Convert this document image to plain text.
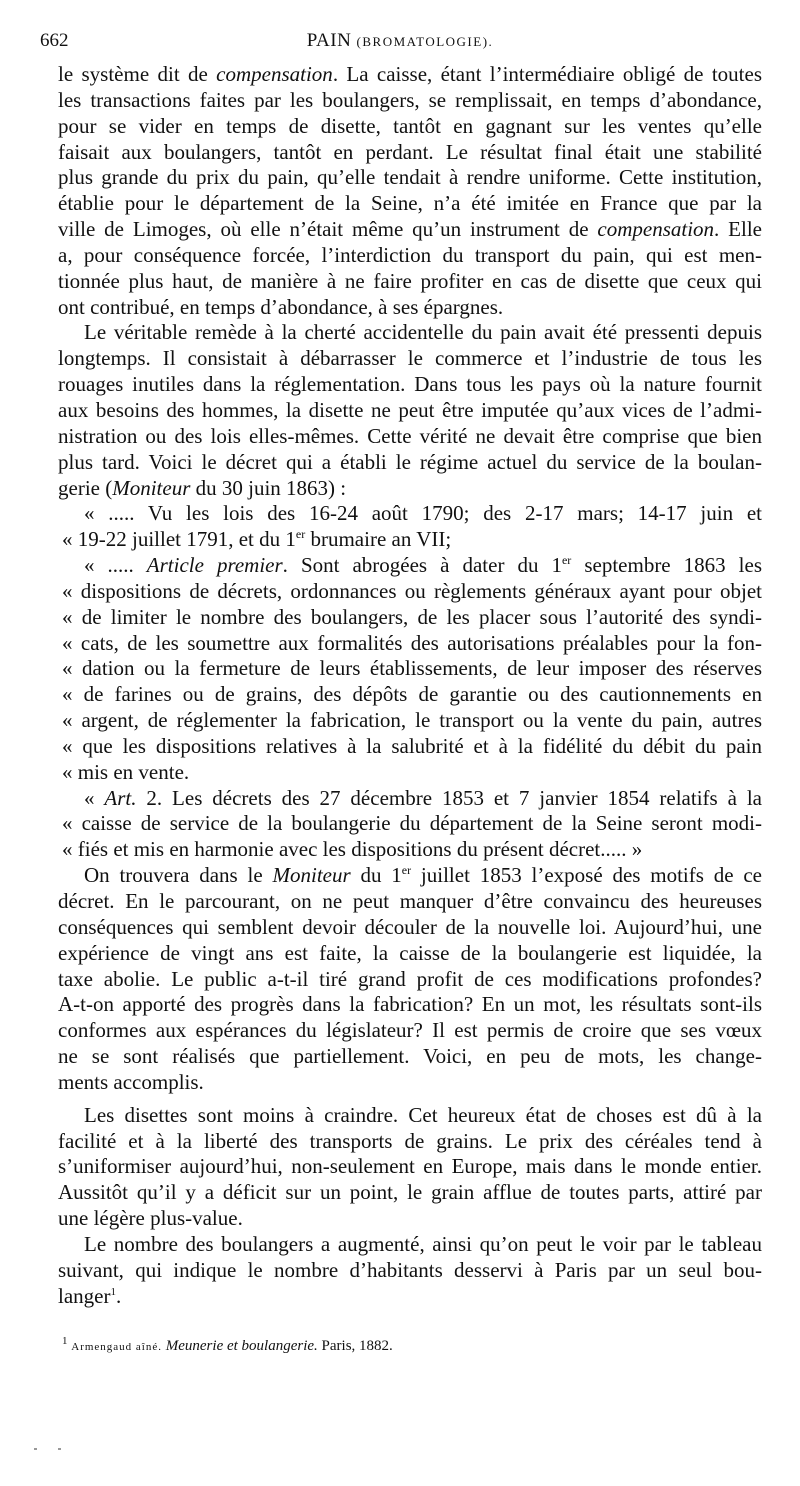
662	PAIN (BROMATOLOGIE).
le système dit de compensation. La caisse, étant l’intermédiaire obligé de toutes
les transactions faites par les boulangers, se remplissait, en temps d’abondance,
pour se vider en temps de disette, tantôt en gagnant sur les ventes qu’elle
faisait aux boulangers, tantôt en perdant. Le résultat final était une stabilité
plus grande du prix du pain, qu’elle tendait à rendre uniforme. Cette institution,
établie pour le département de la Seine, n’a été imitée en France que par la
ville de Limoges, où elle n’était même qu’un instrument de compensation. Elle
a, pour conséquence forcée, l’interdiction du transport du pain, qui est men-
tionnée plus haut, de manière à ne faire profiter en cas de disette que ceux qui
ont contribué, en temps d’abondance, à ses épargnes.
Le véritable remède à la cherté accidentelle du pain avait été pressenti depuis
longtemps. Il consistait à débarrasser le commerce et l’industrie de tous les
rouages inutiles dans la réglementation. Dans tous les pays où la nature fournit
aux besoins des hommes, la disette ne peut être imputée qu’aux vices de l’admi-
nistration ou des lois elles-mêmes. Cette vérité ne devait être comprise que bien
plus tard. Voici le décret qui a établi le régime actuel du service de la boulan-
gerie (Moniteur du 30 juin 1863) :
« ..... Vu les lois des 16-24 août 1790; des 2-17 mars; 14-17 juin et
« 19-22 juillet 1791, et du 1er brumaire an VII;
« ..... Article premier. Sont abrogées à dater du 1er septembre 1863 les
« dispositions de décrets, ordonnances ou règlements généraux ayant pour objet
« de limiter le nombre des boulangers, de les placer sous l’autorité des syndi-
« cats, de les soumettre aux formalités des autorisations préalables pour la fon-
« dation ou la fermeture de leurs établissements, de leur imposer des réserves
« de farines ou de grains, des dépôts de garantie ou des cautionnements en
« argent, de réglementer la fabrication, le transport ou la vente du pain, autres
« que les dispositions relatives à la salubrité et à la fidélité du débit du pain
« mis en vente.
« Art. 2. Les décrets des 27 décembre 1853 et 7 janvier 1854 relatifs à la
« caisse de service de la boulangerie du département de la Seine seront modi-
« fiés et mis en harmonie avec les dispositions du présent décret..... »
On trouvera dans le Moniteur du 1er juillet 1853 l’exposé des motifs de ce
décret. En le parcourant, on ne peut manquer d’être convaincu des heureuses
conséquences qui semblent devoir découler de la nouvelle loi. Aujourd’hui, une
expérience de vingt ans est faite, la caisse de la boulangerie est liquidée, la
taxe abolie. Le public a-t-il tiré grand profit de ces modifications profondes?
A-t-on apporté des progrès dans la fabrication? En un mot, les résultats sont-ils
conformes aux espérances du législateur? Il est permis de croire que ses vœux
ne se sont réalisés que partiellement. Voici, en peu de mots, les change-
ments accomplis.
Les disettes sont moins à craindre. Cet heureux état de choses est dû à la
facilité et à la liberté des transports de grains. Le prix des céréales tend à
s’uniformiser aujourd’hui, non-seulement en Europe, mais dans le monde entier.
Aussitôt qu’il y a déficit sur un point, le grain afflue de toutes parts, attiré par
une légère plus-value.
Le nombre des boulangers a augmenté, ainsi qu’on peut le voir par le tableau
suivant, qui indique le nombre d’habitants desservi à Paris par un seul bou-
langer$^1$.
$^1$ Armengaud aîné. Meunerie et boulangerie. Paris, 1882.
